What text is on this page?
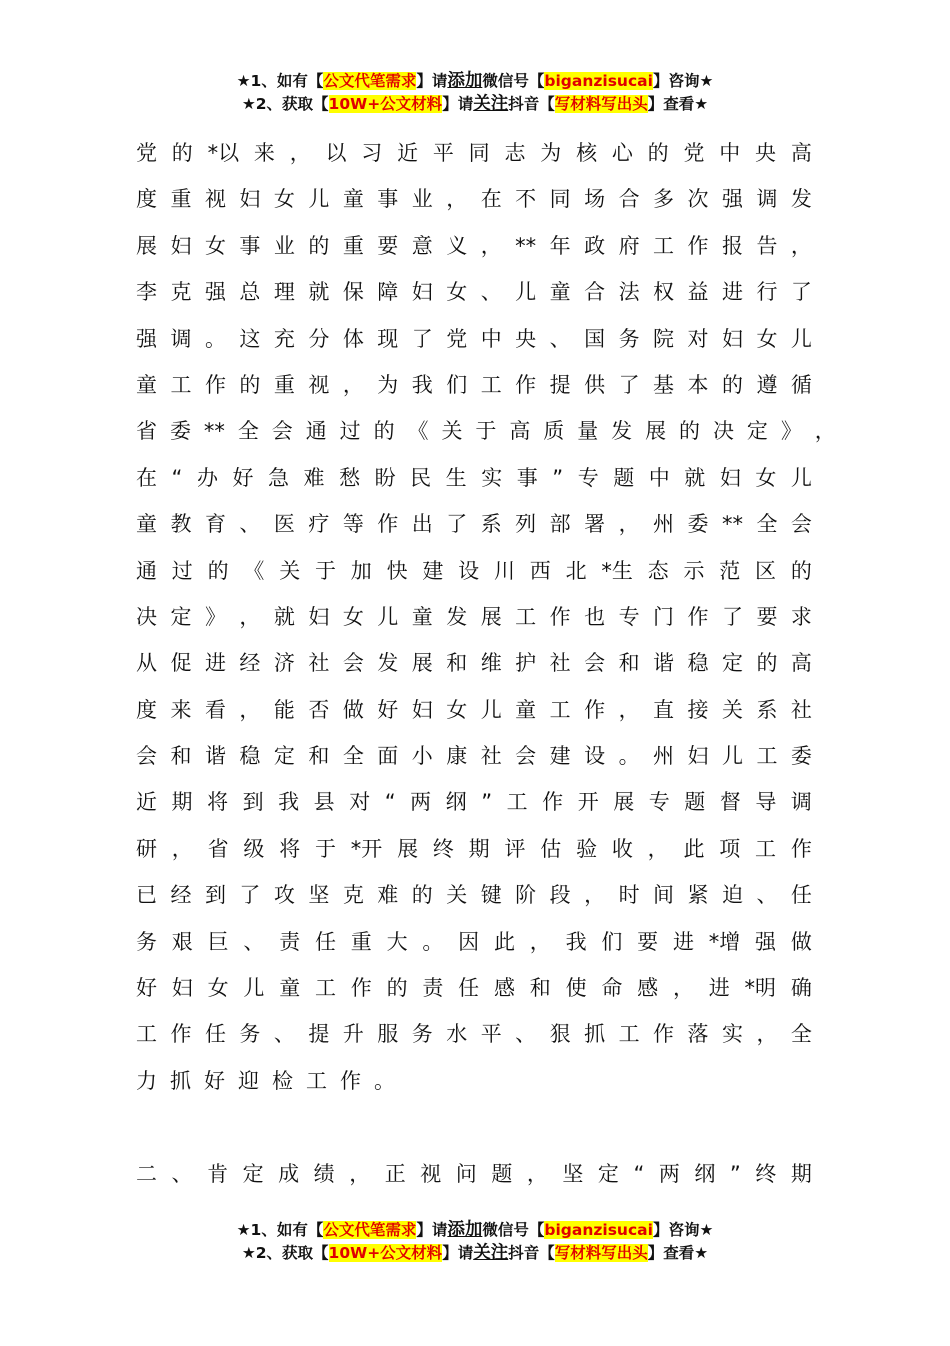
★1、如有【公文代笔需求】请添加微信号【biganzisucai】咨询★
★2、获取【10W+公文材料】请关注抖音【写材料写出头】查看★
党 的 *以 来 ， 以 习 近 平 同 志 为 核 心 的 党 中 央 高
度 重 视 妇 女 儿 童 事 业 ， 在 不 同 场 合 多 次 强 调 发
展 妇 女 事 业 的 重 要 意 义 ， ** 年 政 府 工 作 报 告 ，
李 克 强 总 理 就 保 障 妇 女 、 儿 童 合 法 权 益 进 行 了
强 调 。 这 充 分 体 现 了 党 中 央 、 国 务 院 对 妇 女 儿
童 工 作 的 重 视 ， 为 我 们 工 作 提 供 了 基 本 的 遵 循
省 委 ** 全 会 通 过 的 《 关 于 高 质 量 发 展 的 决 定 》 ，
在 “ 办 好 急 难 愁 盼 民 生 实 事 ” 专 题 中 就 妇 女 儿
童 教 育 、 医 疗 等 作 出 了 系 列 部 署 ， 州 委 ** 全 会
通 过 的 《 关 于 加 快 建 设 川 西 北 *生 态 示 范 区 的
决 定 》 ， 就 妇 女 儿 童 发 展 工 作 也 专 门 作 了 要 求
从 促 进 经 济 社 会 发 展 和 维 护 社 会 和 谐 稳 定 的 高
度 来 看 ， 能 否 做 好 妇 女 儿 童 工 作 ， 直 接 关 系 社
会 和 谐 稳 定 和 全 面 小 康 社 会 建 设 。 州 妇 儿 工 委
近 期 将 到 我 县 对 “ 两 纲 ” 工 作 开 展 专 题 督 导 调
研 ， 省 级 将 于 *开 展 终 期 评 估 验 收 ， 此 项 工 作
已 经 到 了 攻 坚 克 难 的 关 键 阶 段 ， 时 间 紧 迫 、 任
务 艰 巨 、 责 任 重 大 。 因 此 ， 我 们 要 进 *增 强 做
好 妇 女 儿 童 工 作 的 责 任 感 和 使 命 感 ， 进 *明 确
工 作 任 务 、 提 升 服 务 水 平 、 狠 抓 工 作 落 实 ， 全
力 抓 好 迎 检 工 作 。
二 、 肯 定 成 绩 ， 正 视 问 题 ， 坚 定 “ 两 纲 ” 终 期
★1、如有【公文代笔需求】请添加微信号【biganzisucai】咨询★
★2、获取【10W+公文材料】请关注抖音【写材料写出头】查看★
